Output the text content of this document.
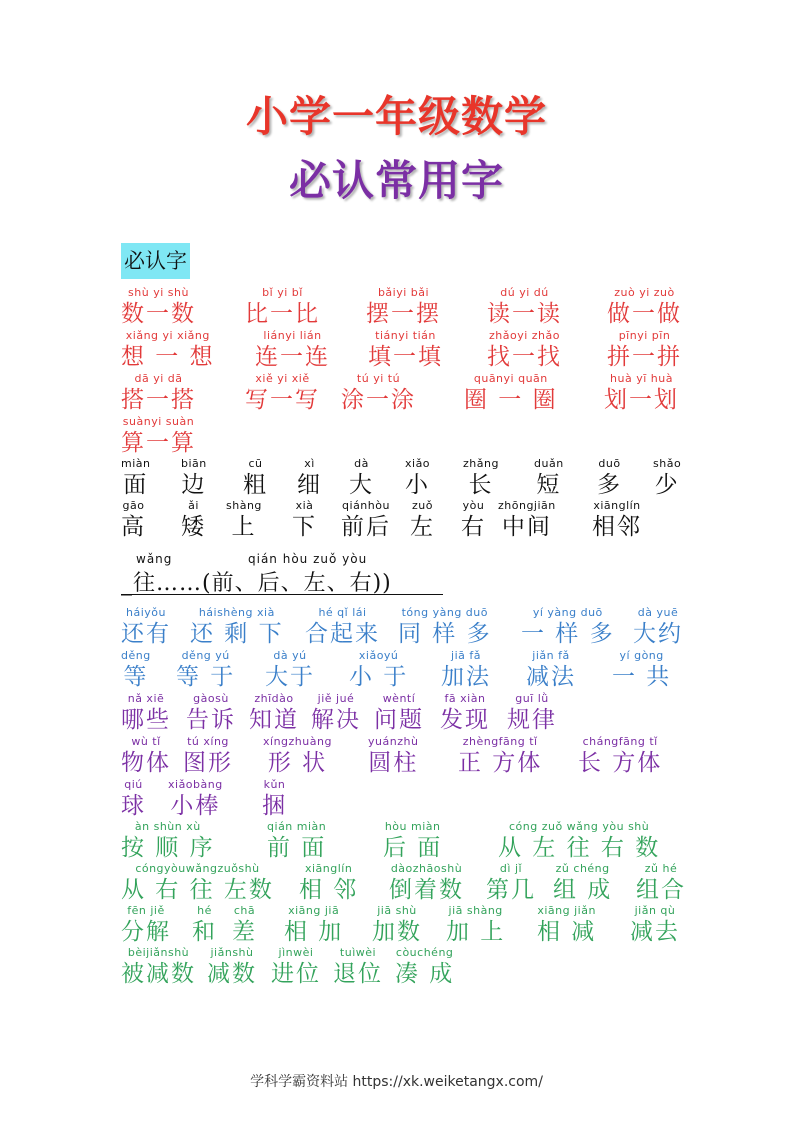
小学一年级数学
必认常用字
必认字
shù yi shù
数一数
bǐ yi bǐ
比一比
bǎiyi bǎi
摆一摆
dú yi dú
读一读
zuò yi zuò
做一做
xiǎng yi xiǎng
想 一 想
liányi lián
连一连
tiányi tián
填一填
zhǎoyi zhǎo
找一找
pīnyi pīn
拼一拼
dā yi dā
搭一搭
xiě yi xiě
写一写
tú yi tú
涂一涂
quānyi quān
圈 一 圈
huà yī huà
划一划
suànyi suàn
算一算
miàn
面
biān
边
cū
粗
xì
细
dà
大
xiǎo
小
zhǎng
长
duǎn
短
duō
多
shǎo
少
gāo
高
ǎi
矮
shàng
上
xià
下
qiánhòu
前后
zuǒ
左
yòu
右
zhōngjiān
中间
xiānglín
相邻
wǎng	qián hòu zuǒ yòu
_往……(前、后、左、右))
háiyǒu
还有
háishèng xià
还 剩 下
hé qǐ lái
合起来
tóng yàng duō
同 样 多
yí yàng duō
一 样 多
dà yuē
大约
děng
等
děng yú
等 于
dà yú
大于
xiǎoyú
小 于
jiā fǎ
加法
jiǎn fǎ
减法
yí gòng
一 共
nǎ xiē
哪些
gàosù
告诉
zhīdào
知道
jiě jué
解决
wèntí
问题
fā xiàn
发现
guī lǜ
规律
wù tǐ
物体
tú xíng
图形
xíngzhuàng
形 状
yuánzhù
圆柱
zhèngfāng tǐ
正 方体
chángfāng tǐ
长 方体
qiú
球
xiǎobàng
小棒
kǔn
捆
àn shùn xù
按 顺 序
qián miàn
前 面
hòu miàn
后 面
cóng zuǒ wǎng yòu shù
从 左 往 右 数
cóngyòuwǎngzuǒshù
从 右 往 左数
xiānglín
相 邻
dàozhāoshù
倒着数
dì jǐ
第几
zǔ chéng
组 成
zǔ hé
组合
fēn jiě
分解
hé
和
chā
差
xiāng jiā
相 加
jiā shù
加数
jiā shàng
加 上
xiāng jiǎn
相 减
jiǎn qù
减去
bèijiǎnshù
被减数
jiǎnshù
减数
jìnwèi
进位
tuìwèi
退位
còuchéng
凑 成
学科学霸资料站 https://xk.weiketangx.com/
